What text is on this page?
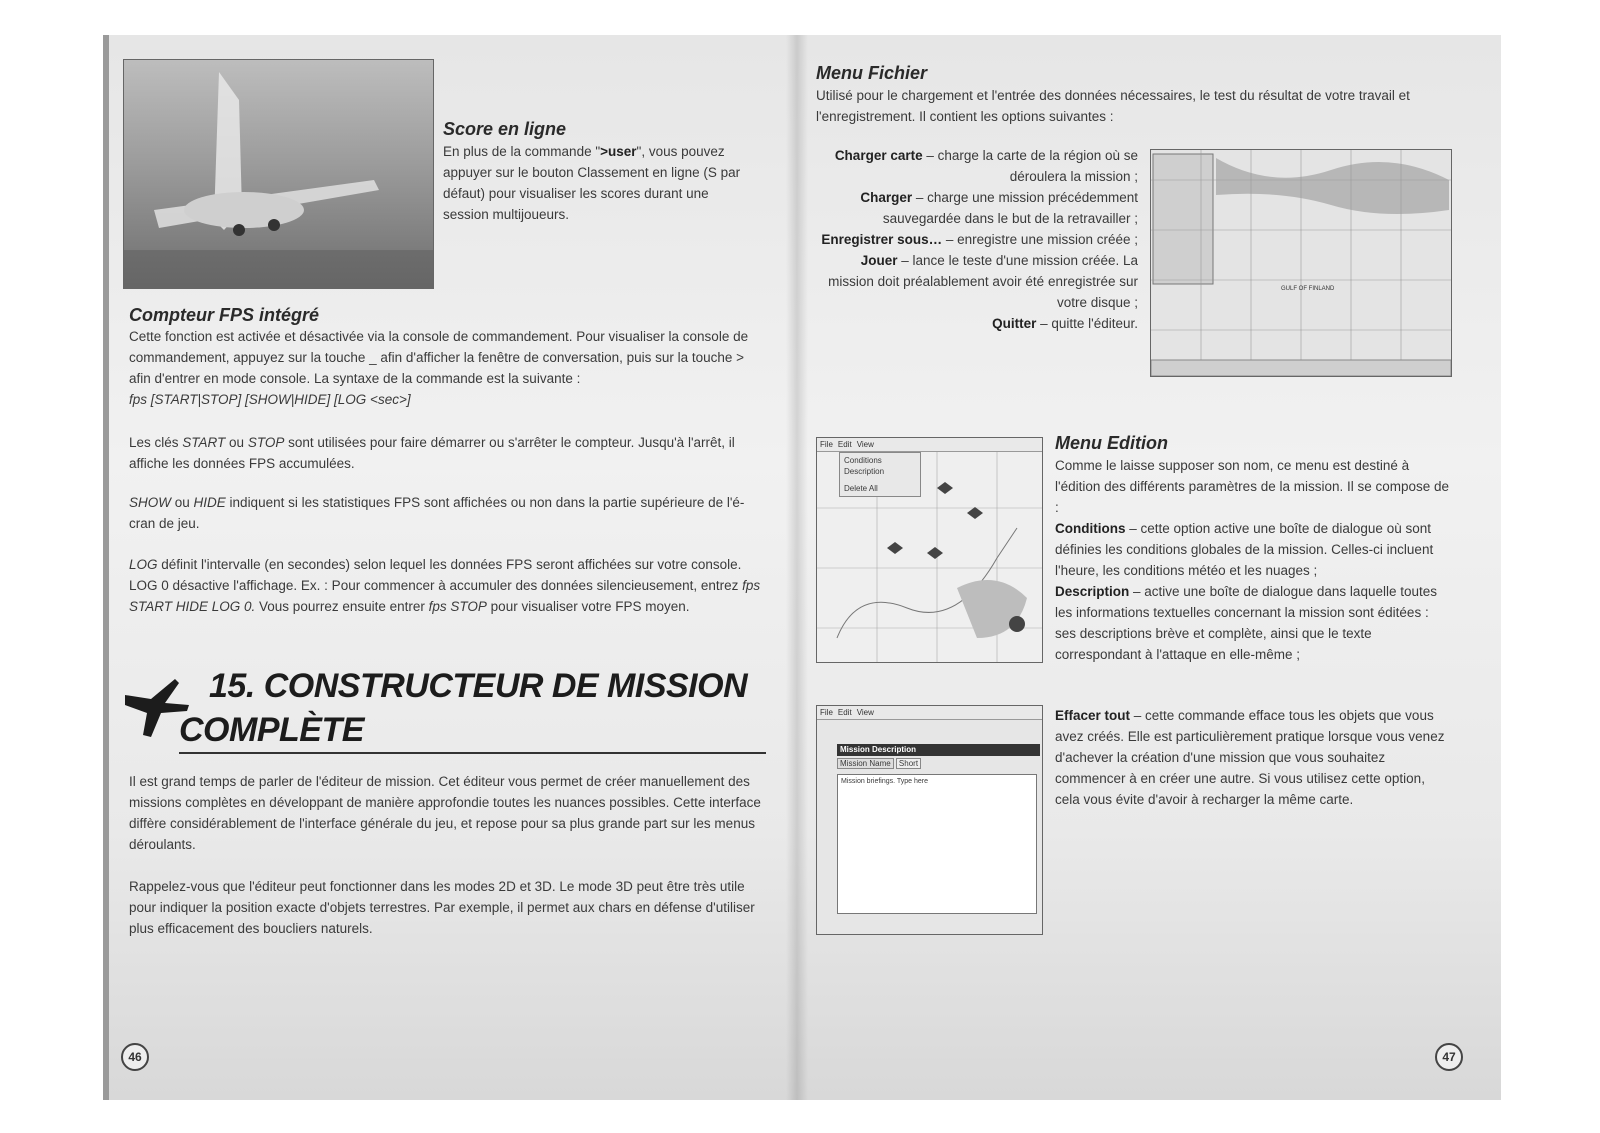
Score en ligne

En plus de la commande ">user", vous pouvez appuyer sur le bouton Classement en ligne (S par défaut) pour visualiser les scores durant une session multijoueurs.

Compteur FPS intégré

Cette fonction est activée et désactivée via la console de commandement. Pour visualiser la console de commandement, appuyez sur la touche _ afin d'afficher la fenêtre de conversation, puis sur la touche > afin d'entrer en mode console. La syntaxe de la commande est la suivante :

fps [START|STOP] [SHOW|HIDE] [LOG <sec>]

Les clés START ou STOP sont utilisées pour faire démarrer ou s'arrêter le compteur. Jusqu'à l'arrêt, il affiche les données FPS accumulées.

SHOW ou HIDE indiquent si les statistiques FPS sont affichées ou non dans la partie supérieure de l'é- cran de jeu.

LOG définit l'intervalle (en secondes) selon lequel les données FPS seront affichées sur votre console. LOG 0 désactive l'affichage. Ex. : Pour commencer à accumuler des données silencieusement, entrez fps START HIDE LOG 0. Vous pourrez ensuite entrer fps STOP pour visualiser votre FPS moyen.

15. CONSTRUCTEUR DE MISSION
COMPLÈTE

Il est grand temps de parler de l'éditeur de mission. Cet éditeur vous permet de créer manuellement des missions complètes en développant de manière approfondie toutes les nuances possibles. Cette interface diffère considérablement de l'interface générale du jeu, et repose pour sa plus grande part sur les menus déroulants.

Rappelez-vous que l'éditeur peut fonctionner dans les modes 2D et 3D. Le mode 3D peut être très utile pour indiquer la position exacte d'objets terrestres. Par exemple, il permet aux chars en défense d'utiliser plus efficacement des boucliers naturels.

46
Menu Fichier

Utilisé pour le chargement et l'entrée des données nécessaires, le test du résultat de votre travail et l'enregistrement. Il contient les options suivantes :

Charger carte – charge la carte de la région où se déroulera la mission ;

Charger – charge une mission précédemment sauvegardée dans le but de la retravailler ;

Enregistrer sous… – enregistre une mission créée ;

Jouer – lance le teste d'une mission créée. La mission doit préalablement avoir été enregistrée sur votre disque ;

Quitter – quitte l'éditeur.

GULF OF FINLAND
File Edit View
Conditions
Description
Delete All
Menu Edition

Comme le laisse supposer son nom, ce menu est destiné à l'édition des différents paramètres de la mission. Il se compose de :

Conditions – cette option active une boîte de dialogue où sont définies les conditions globales de la mission. Celles-ci incluent l'heure, les conditions météo et les nuages ;

Description – active une boîte de dialogue dans laquelle toutes les informations textuelles concernant la mission sont éditées : ses descriptions brève et complète, ainsi que le texte correspondant à l'attaque en elle-même ;

File Edit View
Mission Description
Mission Name Short
Mission briefings. Type here

Effacer tout – cette commande efface tous les objets que vous avez créés. Elle est particulièrement pratique lorsque vous venez d'achever la création d'une mission que vous souhaitez commencer à en créer une autre. Si vous utilisez cette option, cela vous évite d'avoir à recharger la même carte.

47
